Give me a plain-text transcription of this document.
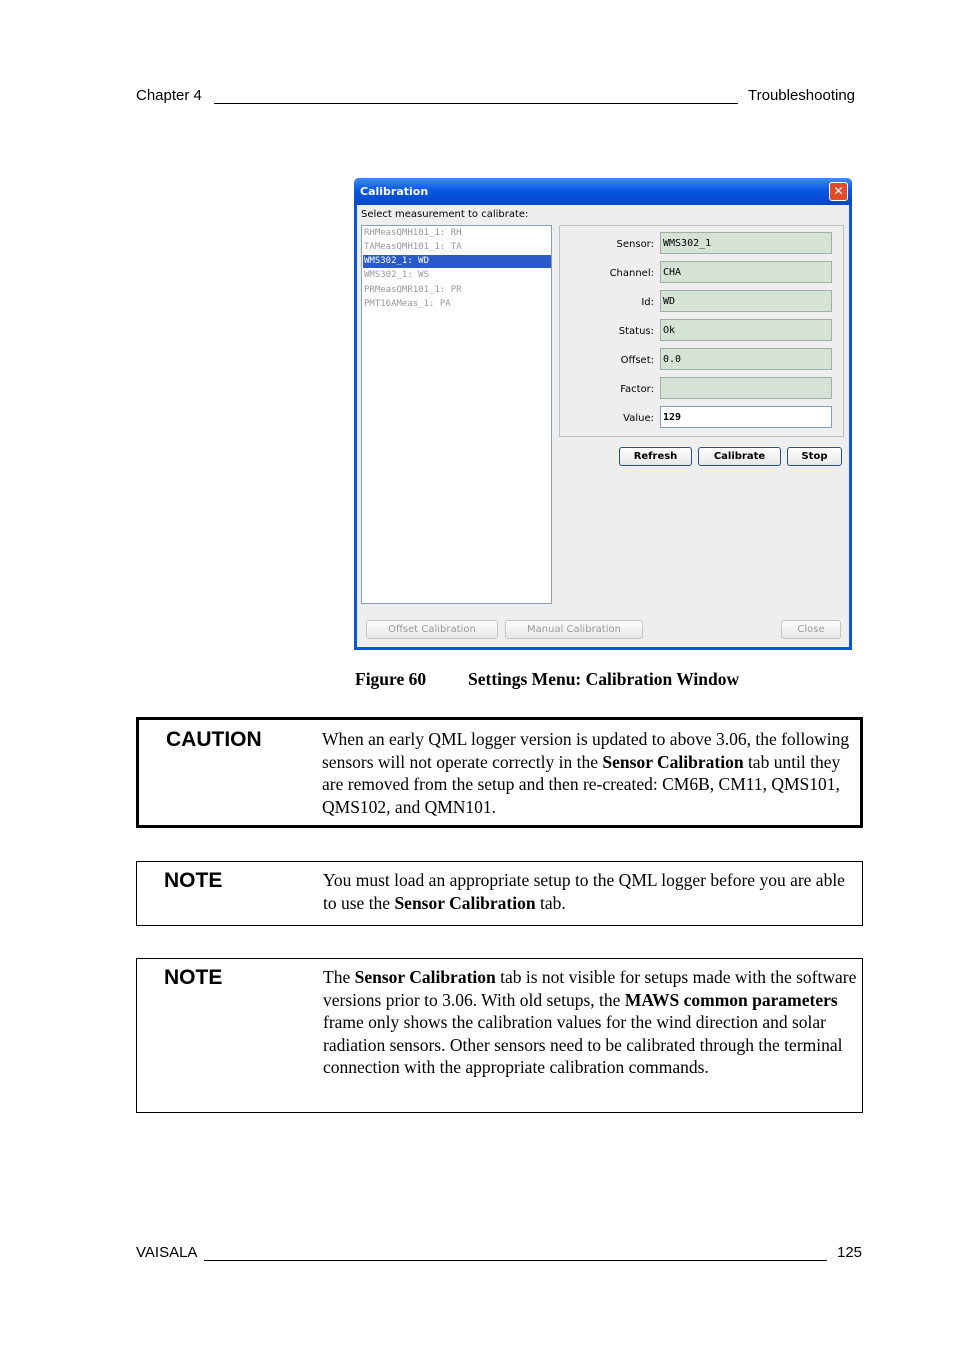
Chapter 4	Troubleshooting
Calibration	✕
Select measurement to calibrate:
RHMeasQMH101_1: RH
TAMeasQMH101_1: TA
WMS302_1: WD
WMS302_1: WS
PRMeasQMR101_1: PR
PMT16AMeas_1: PA
Sensor: WMS302_1
Channel: CHA
Id: WD
Status: Ok
Offset: 0.0
Factor:
Value: 129
Refresh	Calibrate	Stop
Offset Calibration	Manual Calibration	Close
Figure 60 Settings Menu: Calibration Window
CAUTION	When an early QML logger version is updated to above 3.06, the following sensors will not operate correctly in the Sensor Calibration tab until they are removed from the setup and then re-created: CM6B, CM11, QMS101, QMS102, and QMN101.
NOTE	You must load an appropriate setup to the QML logger before you are able to use the Sensor Calibration tab.
NOTE	The Sensor Calibration tab is not visible for setups made with the software versions prior to 3.06. With old setups, the MAWS common parameters frame only shows the calibration values for the wind direction and solar radiation sensors. Other sensors need to be calibrated through the terminal connection with the appropriate calibration commands.
VAISALA	125
